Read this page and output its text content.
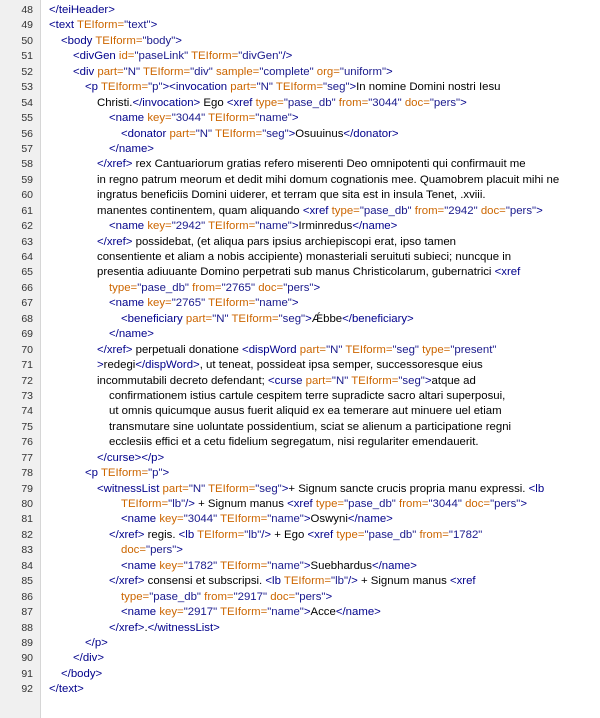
48 </teiHeader>
49 <text TEIform="text">
50 <body TEIform="body">
51	<divGen id="paseLink" TEIform="divGen"/>
52	<div part="N" TEIform="div" sample="complete" org="uniform">
53	<p TEIform="p"><invocation part="N" TEIform="seg">In nomine Domini nostri Iesu
54	Christi.</invocation> Ego <xref type="pase_db" from="3044" doc="pers">
55	<name key="3044" TEIform="name">
56	<donator part="N" TEIform="seg">Osuuinus</donator>
57	</name>
58	</xref> rex Cantuariorum gratias refero miserenti Deo omnipotenti qui confirmauit me
59	in regno patrum meorum et dedit mihi domum cognationis mee. Quamobrem placuit mihi ne
60	ingratus beneficiis Domini uiderer, et terram que sita est in insula Tenet, .xviii.
61	manentes continentem, quam aliquando <xref type="pase_db" from="2942" doc="pers">
62	<name key="2942" TEIform="name">Irminredus</name>
63	</xref> possidebat, (et aliqua pars ipsius archiepiscopi erat, ipso tamen
64	consentiente et aliam a nobis accipiente) monasteriali seruituti subieci; nuncque in
65	presentia adiuuante Domino perpetrati sub manus Christicolarum, gubernatrici <xref
66	type="pase_db" from="2765" doc="pers">
67	<name key="2765" TEIform="name">
68	<beneficiary part="N" TEIform="seg">Ǽbbe</beneficiary>
69	</name>
70	</xref> perpetuali donatione <dispWord part="N" TEIform="seg" type="present"
71	>redegi</dispWord>, ut teneat, possideat ipsa semper, successoresque eius
72	incommutabili decreto defendant; <curse part="N" TEIform="seg">atque ad
73	confirmationem istius cartule cespitem terre supradicte sacro altari superposui,
74	ut omnis quicumque ausus fuerit aliquid ex ea temerare aut minuere uel etiam
75	transmutare sine uoluntate possidentium, sciat se alienum a participatione regni
76	ecclesiis effici et a cetu fidelium segregatum, nisi regulariter emendauerit.
77	</curse></p>
78	<p TEIform="p">
79	<witnessList part="N" TEIform="seg">+ Signum sancte crucis propria manu expressi. <lb
80	TEIform="lb"/> + Signum manus <xref type="pase_db" from="3044" doc="pers">
81	<name key="3044" TEIform="name">Oswyni</name>
82	</xref> regis. <lb TEIform="lb"/> + Ego <xref type="pase_db" from="1782"
83	doc="pers">
84	<name key="1782" TEIform="name">Suebhardus</name>
85	</xref> consensi et subscripsi. <lb TEIform="lb"/> + Signum manus <xref
86	type="pase_db" from="2917" doc="pers">
87	<name key="2917" TEIform="name">Acce</name>
88	</xref>.</witnessList>
89	</p>
90	</div>
91 </body>
92 </text>
